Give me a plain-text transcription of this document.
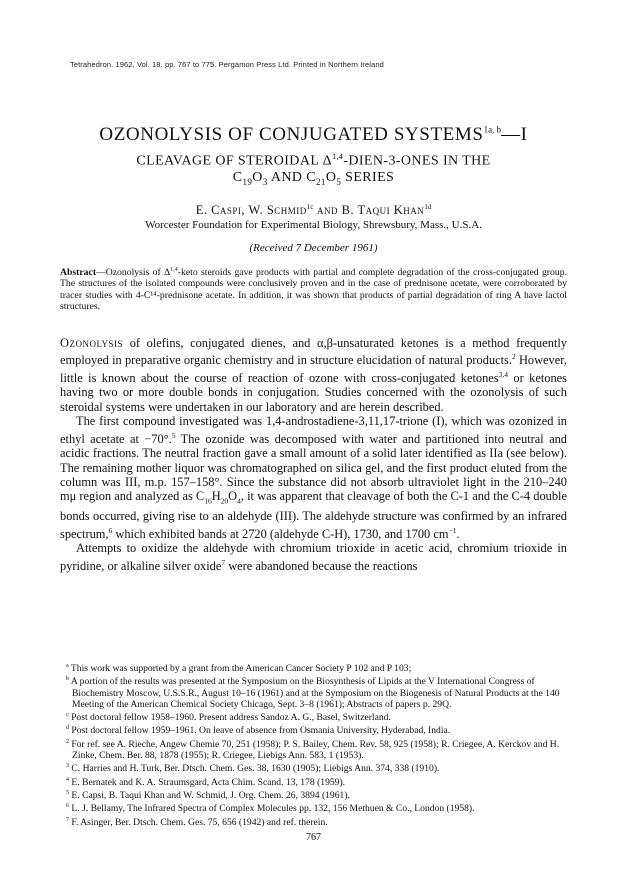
Tetrahedron. 1962, Vol. 18. pp. 767 to 775. Pergamon Press Ltd. Printed in Northern Ireland
OZONOLYSIS OF CONJUGATED $SYSTEMS^{1a, b}—I$
CLEAVAGE OF STEROIDAL Δ$^{1,4}$-DIEN-3-ONES IN THE
$C_{19}O_3$ AND $C_{21}O_5$ SERIES
E. Caspi, W. Schmid$^{1c}$ and B. Taqui Khan$^{1d}$
Worcester Foundation for Experimental Biology, Shrewsbury, Mass., U.S.A.
(Received 7 December 1961)
Abstract—Ozonolysis of Δ$^{1,4}$-keto steroids gave products with partial and complete degradation of the cross-conjugated group. The structures of the isolated compounds were conclusively proven and in the case of prednisone acetate, were corroborated by tracer studies with 4-C¹⁴-prednisone acetate. In addition, it was shown that products of partial degradation of ring A have lactol structures.

Ozonolysis of olefins, conjugated dienes, and α,β-unsaturated ketones is a method frequently employed in preparative organic chemistry and in structure elucidation of natural products.$^2$ However, little is known about the course of reaction of ozone with cross-conjugated ketones$^{3,4}$ or ketones having two or more double bonds in conjugation. Studies concerned with the ozonolysis of such steroidal systems were undertaken in our laboratory and are herein described.

The first compound investigated was 1,4-androstadiene-3,11,17-trione (I), which was ozonized in ethyl acetate at −70°.$^5$ The ozonide was decomposed with water and partitioned into neutral and acidic fractions. The neutral fraction gave a small amount of a solid later identified as IIa (see below). The remaining mother liquor was chromatographed on silica gel, and the first product eluted from the column was III, m.p. 157–158°. Since the substance did not absorb ultraviolet light in the 210–240 mμ region and analyzed as $C_{16}H_{20}O_4$, it was apparent that cleavage of both the C-1 and the C-4 double bonds occurred, giving rise to an aldehyde (III). The aldehyde structure was confirmed by an infrared spectrum,$^6$ which exhibited bands at 2720 (aldehyde C-H), 1730, and 1700 $cm^{-1}$.

Attempts to oxidize the aldehyde with chromium trioxide in acetic acid, chromium trioxide in pyridine, or alkaline silver oxide$^7$ were abandoned because the reactions

$^a$ This work was supported by a grant from the American Cancer Society P 102 and P 103;

$^b$ A portion of the results was presented at the Symposium on the Biosynthesis of Lipids at the V International Congress of Biochemistry Moscow, U.S.S.R., August 10–16 (1961) and at the Symposium on the Biogenesis of Natural Products at the 140 Meeting of the American Chemical Society Chicago, Sept. 3–8 (1961); Abstracts of papers p. 29Q.

$^c$ Post doctoral fellow 1958–1960. Present address Sandoz A. G., Basel, Switzerland.

$^d$ Post doctoral fellow 1959–1961. On leave of absence from Osmania University, Hyderabad, India.

$^2$ For ref. see A. Rieche, Angew Chemie 70, 251 (1958); P. S. Bailey, Chem. Rev. 58, 925 (1958); R. Criegee, A. Kerckov and H. Zinke, Chem. Ber. 88, 1878 (1955); R. Criegee, Liebigs Ann. 583, 1 (1953).

$^3$ C. Harries and H. Turk, Ber. Dtsch. Chem. Ges. 38, 1630 (1905); Liebigs Ann. 374, 338 (1910).

$^4$ E. Bernatek and K. A. Straumsgard, Acta Chim. Scand. 13, 178 (1959).

$^5$ E. Capsi, B. Taqui Khan and W. Schmid, J. Org. Chem. 26, 3894 (1961).

$^6$ L. J. Bellamy, The Infrared Spectra of Complex Molecules pp. 132, 156 Methuen & Co., London (1958).

$^7$ F. Asinger, Ber. Dtsch. Chem. Ges. 75, 656 (1942) and ref. therein.

767
